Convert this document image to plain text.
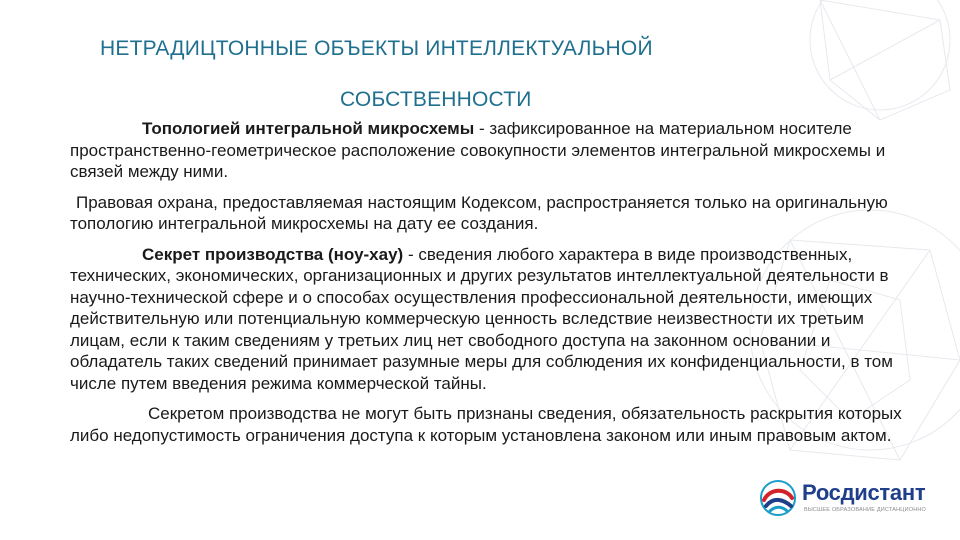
НЕТРАДИЦТОННЫЕ ОБЪЕКТЫ ИНТЕЛЛЕКТУАЛЬНОЙ
СОБСТВЕННОСТИ

Топологией интегральной микросхемы - зафиксированное на материальном носителе пространственно-геометрическое расположение совокупности элементов интегральной микросхемы и связей между ними.

Правовая охрана, предоставляемая настоящим Кодексом, распространяется только на оригинальную топологию интегральной микросхемы на дату ее создания.

Секрет производства (ноу-хау) - сведения любого характера в виде производственных, технических, экономических, организационных и других результатов интеллектуальной деятельности в научно-технической сфере и о способах осуществления профессиональной деятельности, имеющих действительную или потенциальную коммерческую ценность вследствие неизвестности их третьим лицам, если к таким сведениям у третьих лиц нет свободного доступа на законном основании и обладатель таких сведений принимает разумные меры для соблюдения их конфиденциальности, в том числе путем введения режима коммерческой тайны.

Секретом производства не могут быть признаны сведения, обязательность раскрытия которых либо недопустимость ограничения доступа к которым установлена законом или иным правовым актом.

Росдистант
ВЫСШЕЕ ОБРАЗОВАНИЕ ДИСТАНЦИОННО
